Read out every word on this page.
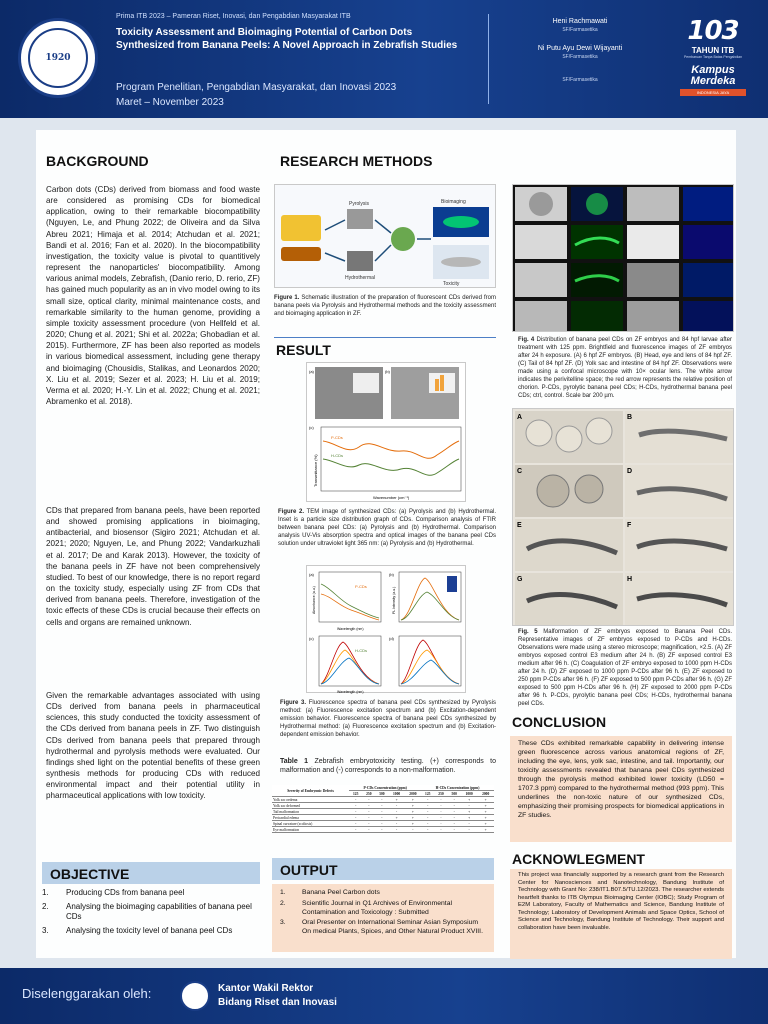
1920
Prima ITB 2023 – Pameran Riset, Inovasi, dan Pengabdian Masyarakat ITB
Toxicity Assessment and Bioimaging Potential of Carbon Dots Synthesized from Banana Peels: A Novel Approach in Zebrafish Studies
Program Penelitian, Pengabdian Masyarakat, dan Inovasi 2023
Maret – November 2023
Heni Rachmawati
SF/Farmasetika
Ni Putu Ayu Dewi Wijayanti
SF/Farmasetika
SF/Farmasetika
103
TAHUN ITB
Pembaruan Tanpa Batas Pengabdian
Kampus Merdeka
INDONESIA JAYA
BACKGROUND
Carbon dots (CDs) derived from biomass and food waste are considered as promising CDs for biomedical application, owing to their remarkable biocompatibility (Nguyen, Le, and Phung 2022; de Oliveira and da Silva Abreu 2021; Himaja et al. 2014; Atchudan et al. 2021; Bandi et al. 2016; Fan et al. 2020). In the biocompatibility investigation, the toxicity value is pivotal to quantitively represent the nanoparticles' biocompatibility. Among various animal models, Zebrafish, (Danio rerio, D. rerio, ZF) has gained much popularity as an in vivo model owing to its small size, optical clarity, minimal maintenance costs, and remarkable similarity to the human genome, providing a simple toxicity assessment procedure (von Hellfeld et al. 2020; Chung et al. 2021; Shi et al. 2022a; Ghobadian et al. 2015). Furthermore, ZF has been also reported as models in various biomedical assessment, including gene therapy and bioimaging (Chousidis, Stalikas, and Leonardos 2020; X. Liu et al. 2019; Sezer et al. 2023; H. Liu et al. 2019; Verma et al. 2020; H.-Y. Lin et al. 2022; Chung et al. 2021; Abramenko et al. 2018).
CDs that prepared from banana peels, have been reported and showed promising applications in bioimaging, antibacterial, and biosensor (Sigiro 2021; Atchudan et al. 2021; 2020; Nguyen, Le, and Phung 2022; Vandarkuzhali et al. 2017; De and Karak 2013). However, the toxicity of the banana peels in ZF have not been comprehensively studied. To best of our knowledge, there is no report regard on the toxicity study, especially using ZF from CDs that derived from banana peels. Therefore, investigation of the toxic effects of these CDs is crucial because their effects on cells and organs are remained unknown.
Given the remarkable advantages associated with using CDs derived from banana peels in pharmaceutical sciences, this study conducted the toxicity assessment of the CDs derived from banana peels in ZF. Two distinguish CDs derived from banana peels that prepared through hydrothermal and pyrolysis methods were evaluated. Our findings shed light on the potential benefits of these green synthesis methods for producing CDs with reduced environmental impact and their potential utility in pharmaceutical applications with low toxicity.
OBJECTIVE
1.	Producing CDs from banana peel
2.	Analysing the bioimaging capabilities of banana peel CDs
3.	Analysing the toxicity level of banana peel CDs
RESEARCH METHODS
Pyrolysis
Hydrothermal
Bioimaging
Toxicity
Figure 1. Schematic illustration of the preparation of fluorescent CDs derived from banana peels via Pyrolysis and Hydrothermal methods and the toxicity assessment and bioimaging application in ZF.
RESULT
(a)	(b)
(c)
P-CDs
H-CDs
Wavenumber (cm⁻¹)
Transmittance (%)
Figure 2. TEM image of synthesized CDs: (a) Pyrolysis and (b) Hydrothermal. Inset is a particle size distribution graph of CDs. Comparison analysis of FTIR between banana peel CDs: (a) Pyrolysis and (b) Hydrothermal. Comparison analysis UV-Vis absorption spectra and optical images of the banana peel CDs solution under ultraviolet light 365 nm: (a) Pyrolysis and (b) Hydrothermal.
(a)	(b)
(c)	(d)
P-CDs
H-CDs
Wavelength (nm)
Wavelength (nm)
Absorbance (a.u.)	PL Intensity (a.u.)
Figure 3. Fluorescence spectra of banana peel CDs synthesized by Pyrolysis method: (a) Fluorescence excitation spectrum and (b) Excitation-dependent emission behavior. Fluorescence spectra of banana peel CDs synthesized by Hydrothermal method: (a) Fluorescence excitation spectrum and (b) Excitation-dependent emission behavior.
Table 1 Zebrafish embryotoxicity testing. (+) corresponds to malformation and (-) corresponds to a non-malformation.
Severity of Embryonic Defects	P-CDs Concentration (ppm)					H-CDs Concentration (ppm)				
	125	250	500	1000	2000	125	250	500	1000	2000
Yolk sac oedema	-	-	-	+	+	-	-	-	+	+
Yolk sac deformed	-	-	-	-	+	-	-	-	-	+
Tail malformation	-	-	-	-	+	-	-	-	+	+
Pericardial edema	-	-	-	+	+	-	-	-	+	+
Spinal curvature (scoliosis)	-	-	-	-	+	-	-	-	-	+
Eye malformation	-	-	-	-	-	-	-	-	-	+
Fig. 4 Distribution of banana peel CDs on ZF embryos and 84 hpf larvae after treatment with 125 ppm. Brightfield and fluorescence images of ZF embryos after 24 h exposure. (A) 6 hpf ZF embryos. (B) Head, eye and lens of 84 hpf ZF. (C) Tail of 84 hpf ZF. (D) Yolk sac and intestine of 84 hpf ZF. Observations were made using a confocal microscope with 10× ocular lens. The white arrow indicates the perivitelline space; the red arrow represents the relative position of chorion. P-CDs, pyrolytic banana peel CDs; H-CDs, hydrothermal banana peel CDs; ctrl, control. Scale bar 200 µm.
A	B
C	D
E	F
G	H
Fig. 5 Malformation of ZF embryos exposed to Banana Peel CDs. Representative images of ZF embryos exposed to P-CDs and H-CDs. Observations were made using a stereo microscope; magnification, ×2.5. (A) ZF embryos exposed control E3 medium after 24 h. (B) ZF exposed control E3 medium after 96 h. (C) Coagulation of ZF embryo exposed to 1000 ppm H-CDs after 24 h. (D) ZF exposed to 1000 ppm P-CDs after 96 h. (E) ZF exposed to 250 ppm P-CDs after 96 h. (F) ZF exposed to 500 ppm P-CDs after 96 h. (G) ZF exposed to 500 ppm H-CDs after 96 h. (H) ZF exposed to 2000 ppm P-CDs after 96 h. P-CDs, pyrolytic banana peel CDs; H-CDs, hydrothermal banana peel CDs.
CONCLUSION
These CDs exhibited remarkable capability in delivering intense green fluorescence across various anatomical regions of ZF, including the eye, lens, yolk sac, intestine, and tail. Importantly, our toxicity assessments revealed that banana peel CDs synthesized through the pyrolysis method exhibited lower toxicity (LD50 = 1707.3 ppm) compared to the hydrothermal method (993 ppm). This underlines the non-toxic nature of our synthesized CDs, emphasizing their promising prospects for biomedical applications in ZF studies.
ACKNOWLEGMENT
This project was financially supported by a research grant from the Research Center for Nanosciences and Nanotechnology, Bandung Institute of Technology with Grant No: 238/IT1.B07.5/TU.12/2023. The researcher extends heartfelt thanks to ITB Olympus Bioimaging Center (IOBC); Study Program of E2M Laboratory, Faculty of Mathematics and Science, Bandung Institute of Technology; Laboratory of Development Animals and Space Optics, School of Science and Technology, Bandung Institute of Technology. Their support and collaboration have been invaluable.
OUTPUT
1.	Banana Peel Carbon dots
2.	Scientific Journal in Q1 Archives of Environmental Contamination and Toxicology : Submitted
3.	Oral Presenter on International Seminar Asian Symposium On medical Plants, Spices, and Other Natural Product XVIII.
Diselenggarakan oleh:	Kantor Wakil Rektor
Bidang Riset dan Inovasi
